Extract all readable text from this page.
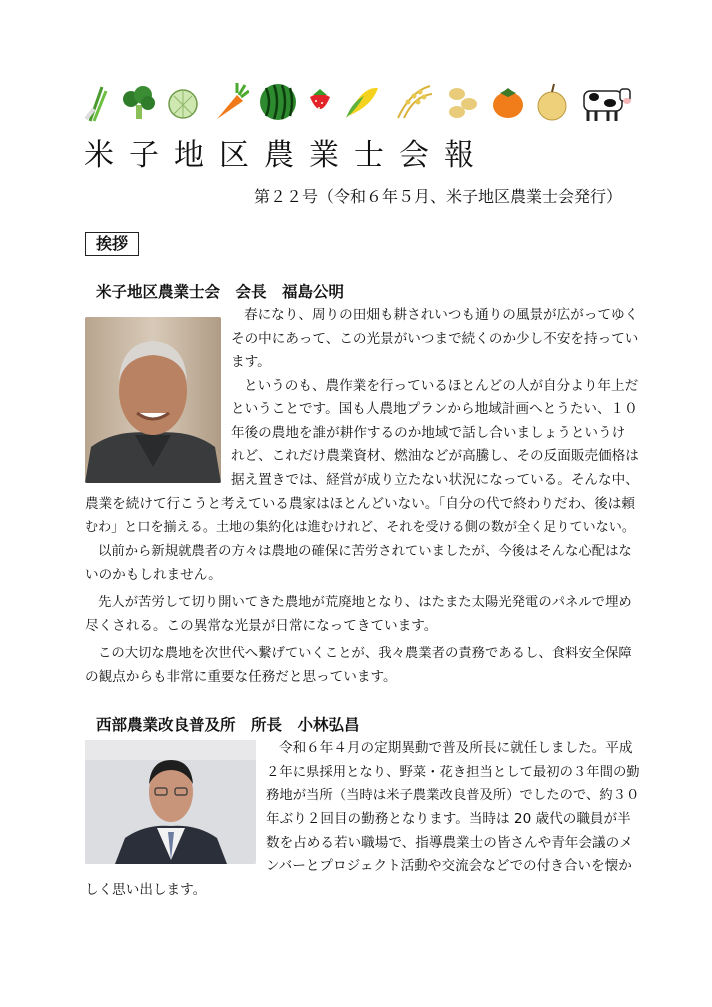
米子地区農業士会報
第２２号（令和６年５月、米子地区農業士会発行）
挨拶
米子地区農業士会　会長　福島公明
春になり、周りの田畑も耕されいつも通りの風景が広がってゆく
その中にあって、この光景がいつまで続くのか少し不安を持ってい
ます。
というのも、農作業を行っているほとんどの人が自分より年上だ
ということです。国も人農地プランから地域計画へとうたい、１０
年後の農地を誰が耕作するのか地域で話し合いましょうというけ
れど、これだけ農業資材、燃油などが高騰し、その反面販売価格は
据え置きでは、経営が成り立たない状況になっている。そんな中、
農業を続けて行こうと考えている農家はほとんどいない。「自分の代で終わりだわ、後は頼
むわ」と口を揃える。土地の集約化は進むけれど、それを受ける側の数が全く足りていない。
以前から新規就農者の方々は農地の確保に苦労されていましたが、今後はそんな心配はな
いのかもしれません。
先人が苦労して切り開いてきた農地が荒廃地となり、はたまた太陽光発電のパネルで埋め
尽くされる。この異常な光景が日常になってきています。
この大切な農地を次世代へ繋げていくことが、我々農業者の責務であるし、食料安全保障
の観点からも非常に重要な任務だと思っています。
西部農業改良普及所　所長　小林弘昌
令和６年４月の定期異動で普及所長に就任しました。平成
２年に県採用となり、野菜・花き担当として最初の３年間の勤
務地が当所（当時は米子農業改良普及所）でしたので、約３０
年ぶり２回目の勤務となります。当時は 20 歳代の職員が半
数を占める若い職場で、指導農業士の皆さんや青年会議のメ
ンバーとプロジェクト活動や交流会などでの付き合いを懐か
しく思い出します。
